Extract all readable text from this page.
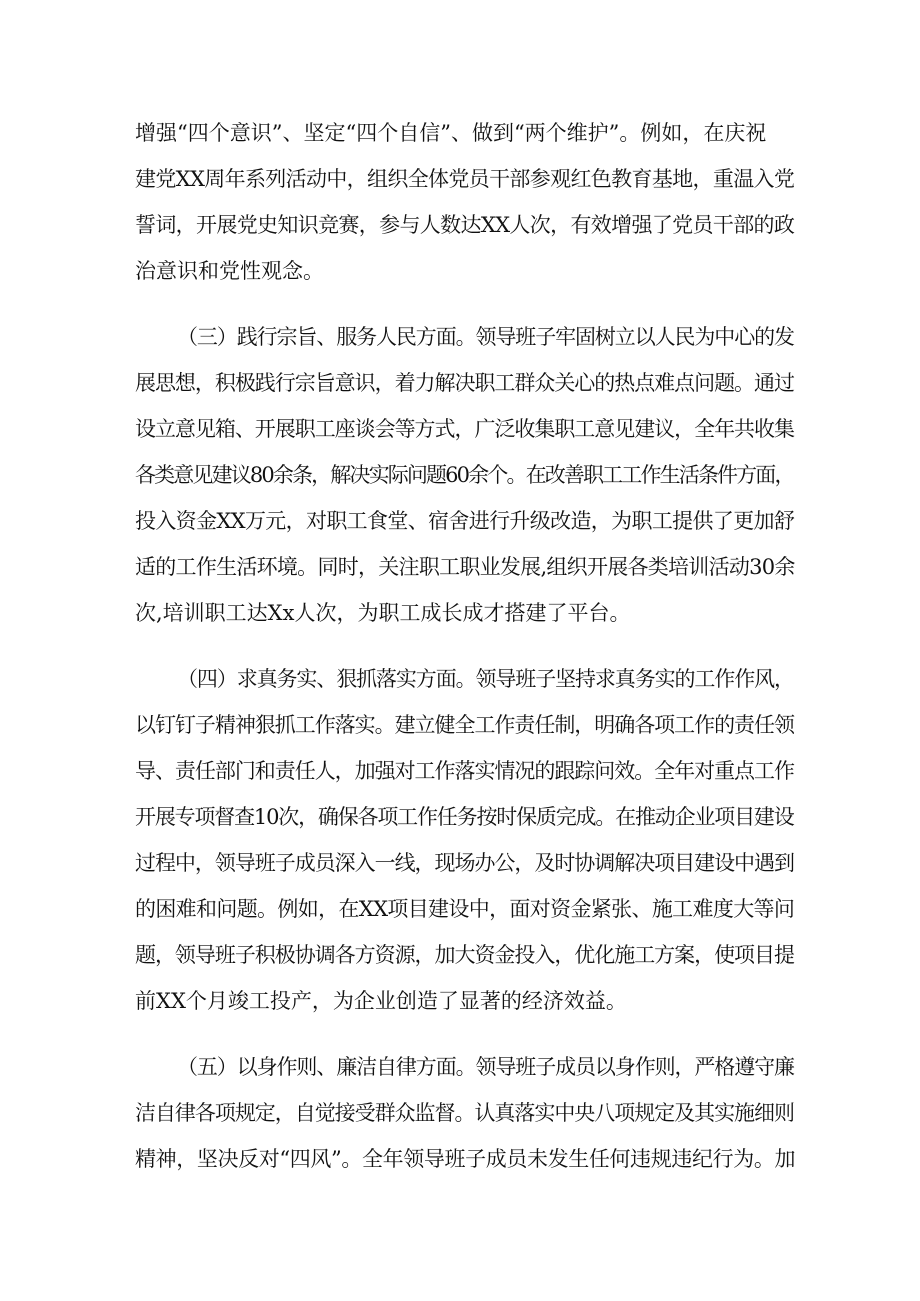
增强“四个意识”、坚定“四个自信”、做到“两个维护”。例如，在庆祝
建党XX周年系列活动中，组织全体党员干部参观红色教育基地，重温入党
誓词，开展党史知识竞赛，参与人数达XX人次，有效增强了党员干部的政
治意识和党性观念。

（三）践行宗旨、服务人民方面。领导班子牢固树立以人民为中心的发
展思想，积极践行宗旨意识，着力解决职工群众关心的热点难点问题。通过
设立意见箱、开展职工座谈会等方式，广泛收集职工意见建议，全年共收集
各类意见建议80余条，解决实际问题60余个。在改善职工工作生活条件方面，
投入资金XX万元，对职工食堂、宿舍进行升级改造，为职工提供了更加舒
适的工作生活环境。同时，关注职工职业发展,组织开展各类培训活动30余
次,培训职工达Xx人次，为职工成长成才搭建了平台。

（四）求真务实、狠抓落实方面。领导班子坚持求真务实的工作作风，
以钉钉子精神狠抓工作落实。建立健全工作责任制，明确各项工作的责任领
导、责任部门和责任人，加强对工作落实情况的跟踪问效。全年对重点工作
开展专项督查10次，确保各项工作任务按时保质完成。在推动企业项目建设
过程中，领导班子成员深入一线，现场办公，及时协调解决项目建设中遇到
的困难和问题。例如，在XX项目建设中，面对资金紧张、施工难度大等问
题，领导班子积极协调各方资源，加大资金投入，优化施工方案，使项目提
前XX个月竣工投产，为企业创造了显著的经济效益。

（五）以身作则、廉洁自律方面。领导班子成员以身作则，严格遵守廉
洁自律各项规定，自觉接受群众监督。认真落实中央八项规定及其实施细则
精神，坚决反对“四风”。全年领导班子成员未发生任何违规违纪行为。加
